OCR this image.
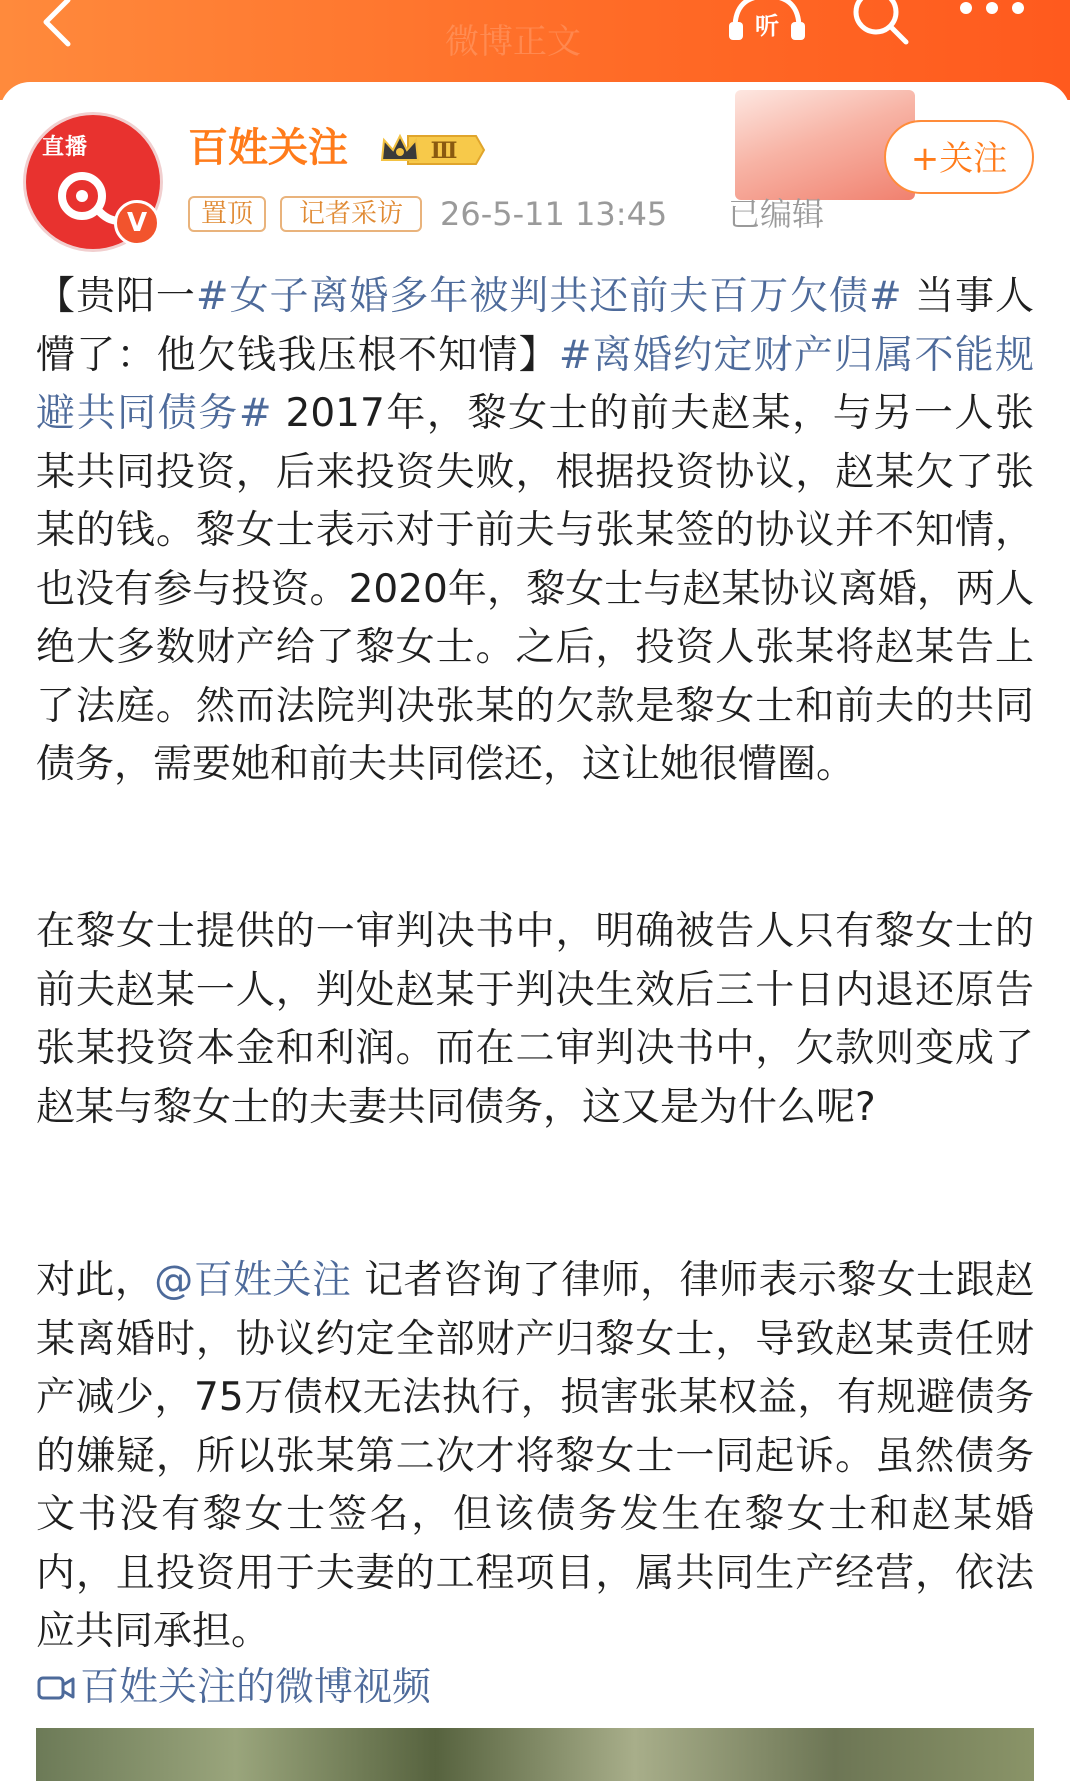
微博正文	听
直播
V
百姓关注	Ⅲ	+关注
置顶	记者采访	26-5-11 13:45 已编辑

【贵阳一#女子离婚多年被判共还前夫百万欠债# 当事人懵了：他欠钱我压根不知情】#离婚约定财产归属不能规避共同债务# 2017年，黎女士的前夫赵某，与另一人张某共同投资，后来投资失败，根据投资协议，赵某欠了张某的钱。黎女士表示对于前夫与张某签的协议并不知情，也没有参与投资。2020年，黎女士与赵某协议离婚，两人绝大多数财产给了黎女士。之后，投资人张某将赵某告上了法庭。然而法院判决张某的欠款是黎女士和前夫的共同债务，需要她和前夫共同偿还，这让她很懵圈。

在黎女士提供的一审判决书中，明确被告人只有黎女士的前夫赵某一人，判处赵某于判决生效后三十日内退还原告张某投资本金和利润。而在二审判决书中，欠款则变成了赵某与黎女士的夫妻共同债务，这又是为什么呢?

对此，@百姓关注 记者咨询了律师，律师表示黎女士跟赵某离婚时，协议约定全部财产归黎女士，导致赵某责任财产减少，75万债权无法执行，损害张某权益，有规避债务的嫌疑，所以张某第二次才将黎女士一同起诉。虽然债务文书没有黎女士签名，但该债务发生在黎女士和赵某婚内，且投资用于夫妻的工程项目，属共同生产经营，依法应共同承担。

百姓关注的微博视频
